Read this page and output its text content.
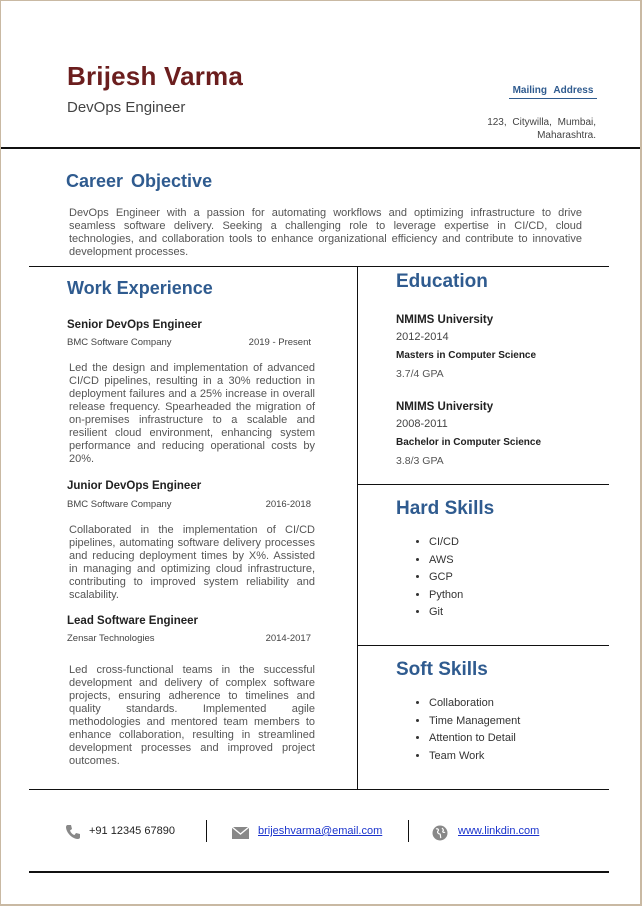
Brijesh Varma
DevOps Engineer
Mailing Address
123, Citywilla, Mumbai,
Maharashtra.
Career Objective
DevOps Engineer with a passion for automating workflows and optimizing infrastructure to drive seamless software delivery. Seeking a challenging role to leverage expertise in CI/CD, cloud technologies, and collaboration tools to enhance organizational efficiency and contribute to innovative development processes.
Work Experience
Senior DevOps Engineer
BMC Software Company	2019 - Present
Led the design and implementation of advanced CI/CD pipelines, resulting in a 30% reduction in deployment failures and a 25% increase in overall release frequency. Spearheaded the migration of on-premises infrastructure to a scalable and resilient cloud environment, enhancing system performance and reducing operational costs by 20%.
Junior DevOps Engineer
BMC Software Company	2016-2018
Collaborated in the implementation of CI/CD pipelines, automating software delivery processes and reducing deployment times by X%. Assisted in managing and optimizing cloud infrastructure, contributing to improved system reliability and scalability.
Lead Software Engineer
Zensar Technologies	2014-2017
Led cross-functional teams in the successful development and delivery of complex software projects, ensuring adherence to timelines and quality standards. Implemented agile methodologies and mentored team members to enhance collaboration, resulting in streamlined development processes and improved project outcomes.
Education
NMIMS University
2012-2014
Masters in Computer Science
3.7/4 GPA
NMIMS University
2008-2011
Bachelor in Computer Science
3.8/3 GPA
Hard Skills
• CI/CD
• AWS
• GCP
• Python
• Git
Soft Skills
• Collaboration
• Time Management
• Attention to Detail
• Team Work
+91 12345 67890	brijeshvarma@email.com	www.linkdin.com
